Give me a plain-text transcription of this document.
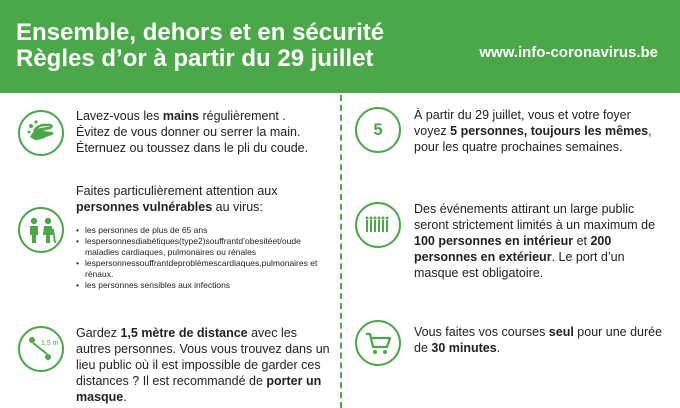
Ensemble, dehors et en sécurité
Règles d’or à partir du 29 juillet	www.info-coronavirus.be
Lavez-vous les mains régulièrement .
Évitez de vous donner ou serrer la main.
Éternuez ou toussez dans le pli du coude.
Faites particulièrement attention aux personnes vulnérables au virus:
• les personnes de plus de 65 ans
• lespersonnesdiabétiques(type2)souffrantd’obesitéet/oude maladies cardiaques, pulmonaires ou rénales
• lespersonnessouffrantdeproblèmescardiaques,pulmonaires et rénaux.
• les personnes sensibles aux infections
1,5 m
Gardez 1,5 mètre de distance avec les autres personnes. Vous vous trouvez dans un lieu public où il est impossible de garder ces distances ? Il est recommandé de porter un masque.
5
À partir du 29 juillet, vous et votre foyer voyez 5 personnes, toujours les mêmes, pour les quatre prochaines semaines.
Des événements attirant un large public seront strictement limités à un maximum de 100 personnes en intérieur et 200 personnes en extérieur. Le port d’un masque est obligatoire.
Vous faites vos courses seul pour une durée de 30 minutes.
